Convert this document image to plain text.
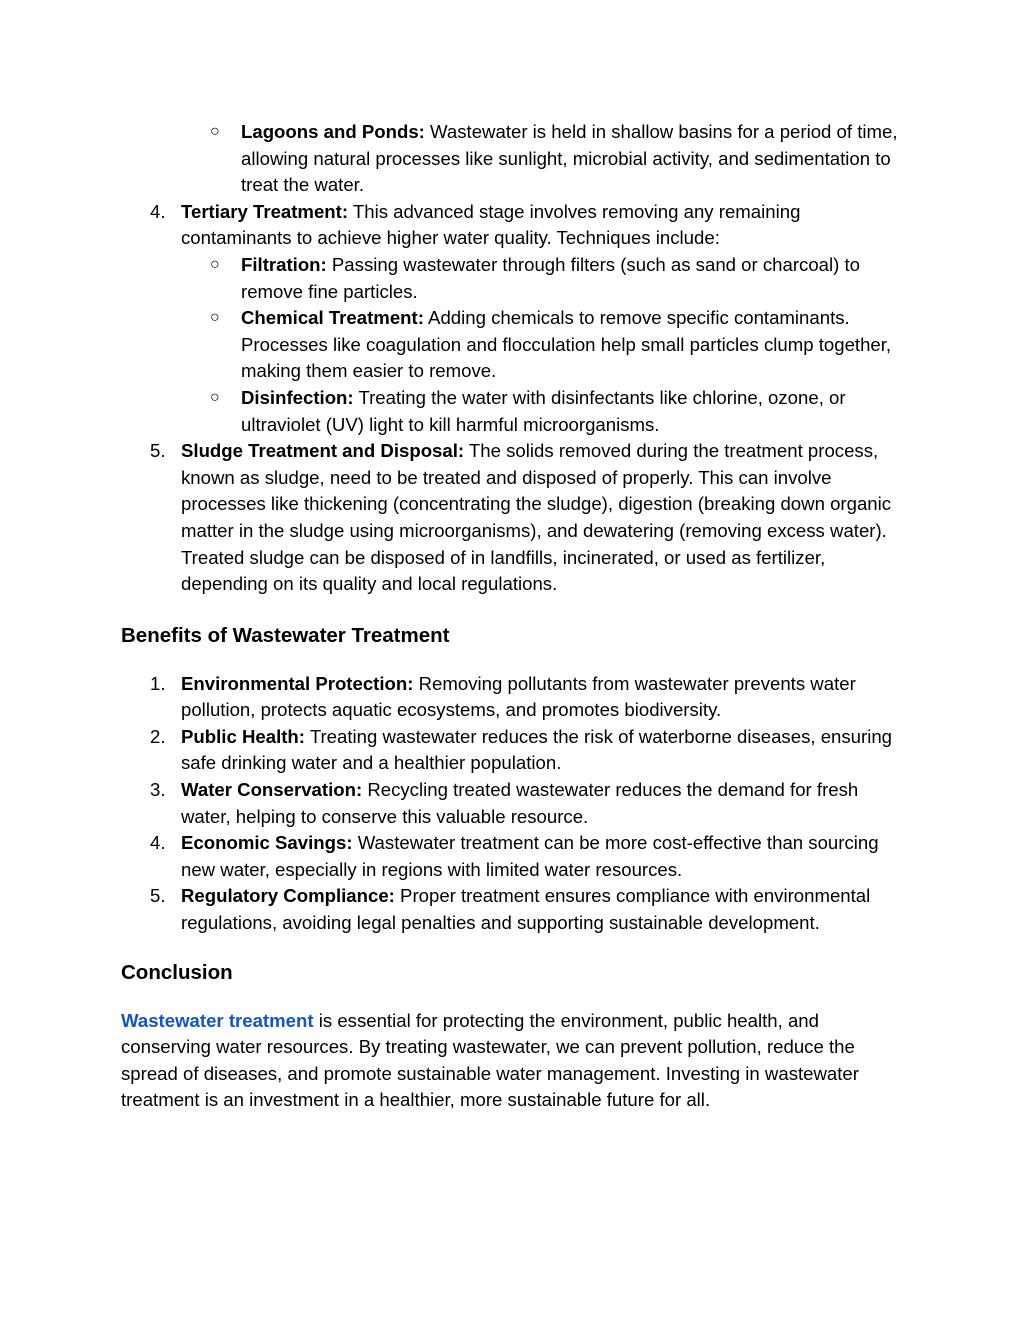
○ Lagoons and Ponds: Wastewater is held in shallow basins for a period of time, allowing natural processes like sunlight, microbial activity, and sedimentation to treat the water.
4. Tertiary Treatment: This advanced stage involves removing any remaining contaminants to achieve higher water quality. Techniques include:
○ Filtration: Passing wastewater through filters (such as sand or charcoal) to remove fine particles.
○ Chemical Treatment: Adding chemicals to remove specific contaminants. Processes like coagulation and flocculation help small particles clump together, making them easier to remove.
○ Disinfection: Treating the water with disinfectants like chlorine, ozone, or ultraviolet (UV) light to kill harmful microorganisms.
5. Sludge Treatment and Disposal: The solids removed during the treatment process, known as sludge, need to be treated and disposed of properly. This can involve processes like thickening (concentrating the sludge), digestion (breaking down organic matter in the sludge using microorganisms), and dewatering (removing excess water). Treated sludge can be disposed of in landfills, incinerated, or used as fertilizer, depending on its quality and local regulations.
Benefits of Wastewater Treatment
1. Environmental Protection: Removing pollutants from wastewater prevents water pollution, protects aquatic ecosystems, and promotes biodiversity.
2. Public Health: Treating wastewater reduces the risk of waterborne diseases, ensuring safe drinking water and a healthier population.
3. Water Conservation: Recycling treated wastewater reduces the demand for fresh water, helping to conserve this valuable resource.
4. Economic Savings: Wastewater treatment can be more cost-effective than sourcing new water, especially in regions with limited water resources.
5. Regulatory Compliance: Proper treatment ensures compliance with environmental regulations, avoiding legal penalties and supporting sustainable development.
Conclusion

Wastewater treatment is essential for protecting the environment, public health, and conserving water resources. By treating wastewater, we can prevent pollution, reduce the spread of diseases, and promote sustainable water management. Investing in wastewater treatment is an investment in a healthier, more sustainable future for all.
